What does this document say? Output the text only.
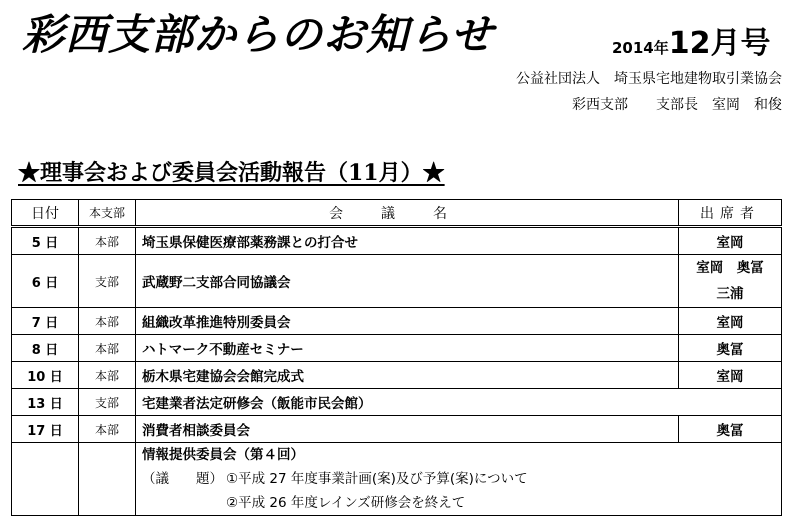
彩西支部からのお知らせ	2014年12月号
公益社団法人　埼玉県宅地建物取引業協会
彩西支部　　支部長　室岡　和俊
★理事会および委員会活動報告（11月）★
日付	本支部	会議名	出席者
5 日	本部	埼玉県保健医療部薬務課との打合せ	室岡
6 日	支部	武蔵野二支部合同協議会	室岡　奥冨
三浦

7 日	本部	組織改革推進特別委員会	室岡
8 日	本部	ハトマーク不動産セミナー	奥冨
10 日	本部	栃木県宅建協会会館完成式	室岡
13 日	支部	宅建業者法定研修会（飯能市民会館）	
17 日	本部	消費者相談委員会	奥冨

		情報提供委員会（第４回）
（議　　題） ①平成 27 年度事業計画(案)及び予算(案)について
②平成 26 年度レインズ研修会を終えて	
